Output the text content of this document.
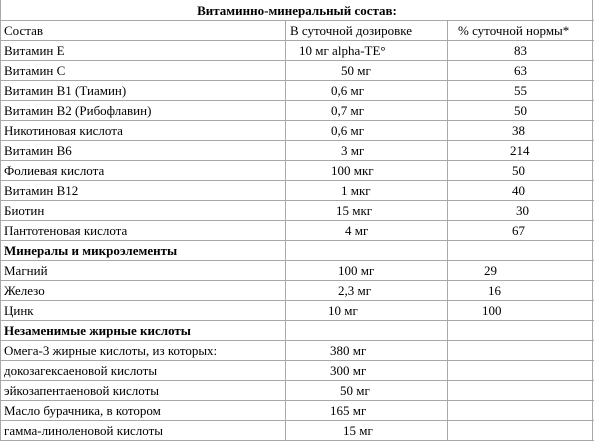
Витаминно-минеральный состав:
Состав	В суточной дозировке	% суточной нормы*
Витамин Е	10 мг alpha-TE°	83
Витамин С	50 мг	63
Витамин В1 (Тиамин)	0,6 мг	55
Витамин В2 (Рибофлавин)	0,7 мг	50
Никотиновая кислота	0,6 мг	38
Витамин В6	3 мг	214
Фолиевая кислота	100 мкг	50
Витамин В12	1 мкг	40
Биотин	15 мкг	30
Пантотеновая кислота	4 мг	67
Минералы и микроэлементы
Магний	100 мг	29
Железо	2,3 мг	16
Цинк	10 мг	100
Незаменимые жирные кислоты
Омега-3 жирные кислоты, из которых:	380 мг
докозагексаеновой кислоты	300 мг
эйкозапентаеновой кислоты	50 мг
Масло бурачника, в котором	165 мг
гамма-линоленовой кислоты	15 мг
